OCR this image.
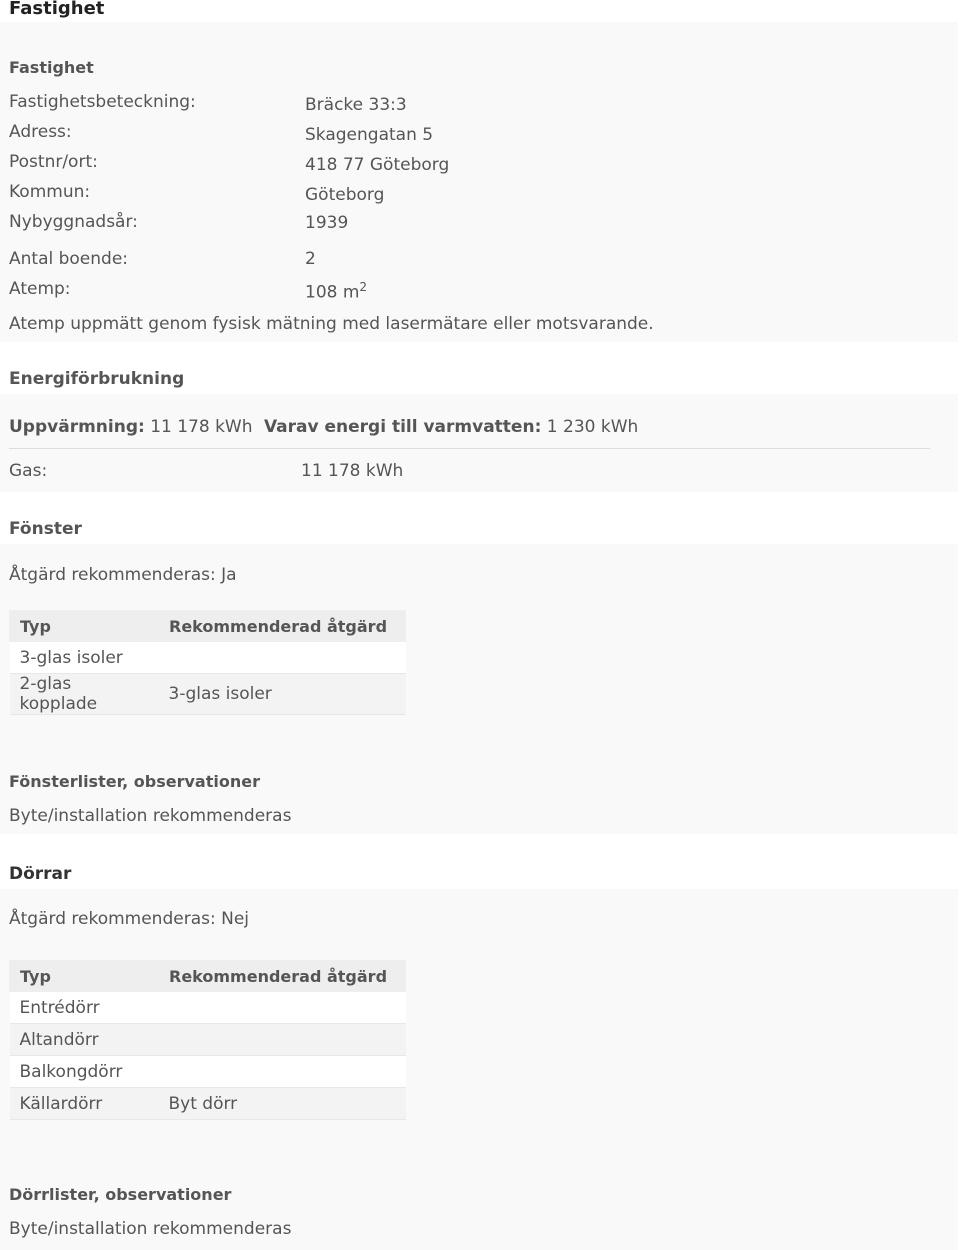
Fastighet
Fastighet
Fastighetsbeteckning:	Bräcke 33:3
Adress:	Skagengatan 5
Postnr/ort:	418 77 Göteborg
Kommun:	Göteborg
Nybyggnadsår:	1939
Antal boende:	2
Atemp:	108 $m^2$
Atemp uppmätt genom fysisk mätning med lasermätare eller motsvarande.
Energiförbrukning
Uppvärmning: 11 178 kWh Varav energi till varmvatten: 1 230 kWh
Gas:	11 178 kWh
Fönster
Åtgärd rekommenderas: Ja
Typ	Rekommenderad åtgärd
3-glas isoler	
2-glas kopplade	3-glas isoler
Fönsterlister, observationer
Byte/installation rekommenderas
Dörrar
Åtgärd rekommenderas: Nej
Typ	Rekommenderad åtgärd
Entrédörr	
Altandörr	
Balkongdörr	
Källardörr	Byt dörr
Dörrlister, observationer
Byte/installation rekommenderas
